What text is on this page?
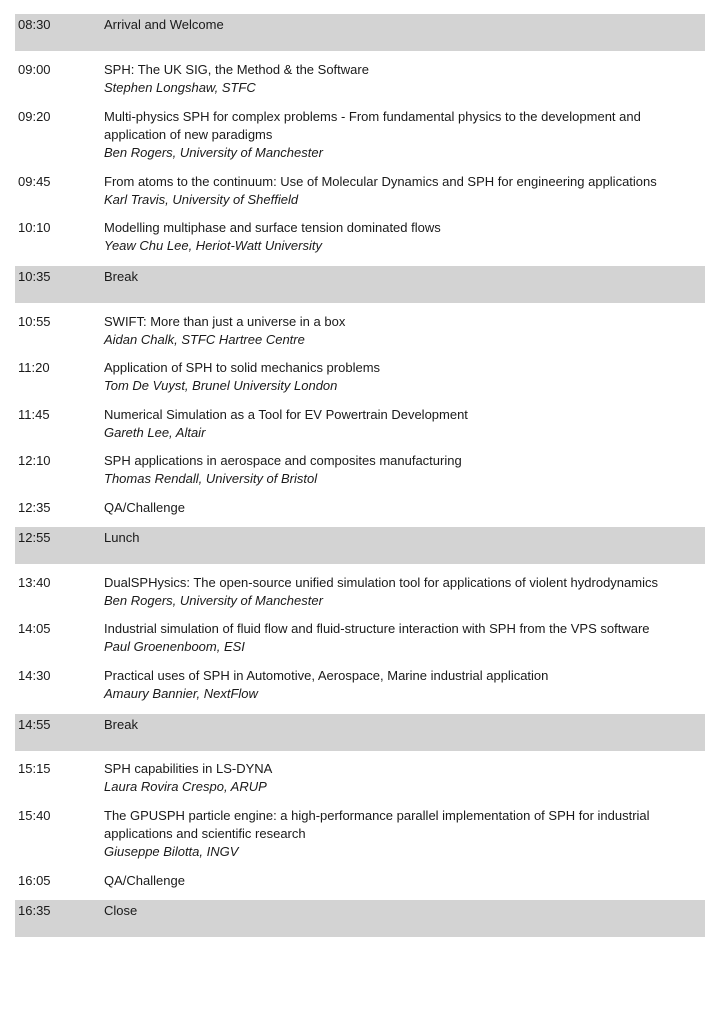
08:30	Arrival and Welcome
09:00	SPH: The UK SIG, the Method & the Software
Stephen Longshaw, STFC
09:20	Multi-physics SPH for complex problems - From fundamental physics to the development and application of new paradigms
Ben Rogers, University of Manchester
09:45	From atoms to the continuum: Use of Molecular Dynamics and SPH for engineering applications
Karl Travis, University of Sheffield
10:10	Modelling multiphase and surface tension dominated flows
Yeaw Chu Lee, Heriot-Watt University
10:35	Break
10:55	SWIFT: More than just a universe in a box
Aidan Chalk, STFC Hartree Centre
11:20	Application of SPH to solid mechanics problems
Tom De Vuyst, Brunel University London
11:45	Numerical Simulation as a Tool for EV Powertrain Development
Gareth Lee, Altair
12:10	SPH applications in aerospace and composites manufacturing
Thomas Rendall, University of Bristol
12:35	QA/Challenge
12:55	Lunch
13:40	DualSPHysics: The open-source unified simulation tool for applications of violent hydrodynamics
Ben Rogers, University of Manchester
14:05	Industrial simulation of fluid flow and fluid-structure interaction with SPH from the VPS software
Paul Groenenboom, ESI
14:30	Practical uses of SPH in Automotive, Aerospace, Marine industrial application
Amaury Bannier, NextFlow
14:55	Break
15:15	SPH capabilities in LS-DYNA
Laura Rovira Crespo, ARUP
15:40	The GPUSPH particle engine: a high-performance parallel implementation of SPH for industrial applications and scientific research
Giuseppe Bilotta, INGV
16:05	QA/Challenge
16:35	Close
